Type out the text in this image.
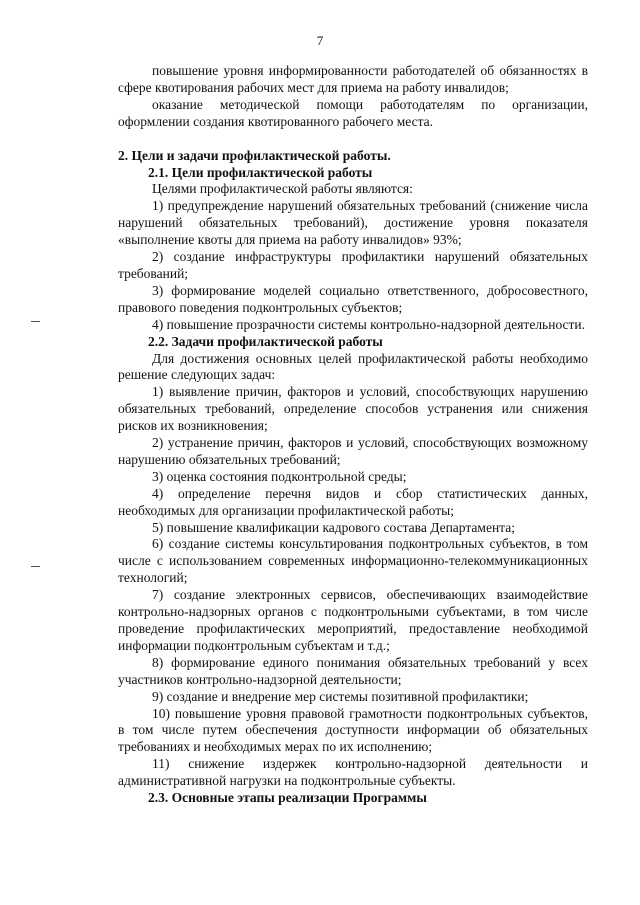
7

повышение уровня информированности работодателей об обязанностях в сфере квотирования рабочих мест для приема на работу инвалидов;

оказание методической помощи работодателям по организации, оформлении создания квотированного рабочего места.

2. Цели и задачи профилактической работы.

2.1. Цели профилактической работы

Целями профилактической работы являются:

1) предупреждение нарушений обязательных требований (снижение числа нарушений обязательных требований), достижение уровня показателя «выполнение квоты для приема на работу инвалидов» 93%;

2) создание инфраструктуры профилактики нарушений обязательных требований;

3) формирование моделей социально ответственного, добросовестного, правового поведения подконтрольных субъектов;

4) повышение прозрачности системы контрольно-надзорной деятельности.

2.2. Задачи профилактической работы

Для достижения основных целей профилактической работы необходимо решение следующих задач:

1) выявление причин, факторов и условий, способствующих нарушению обязательных требований, определение способов устранения или снижения рисков их возникновения;

2) устранение причин, факторов и условий, способствующих возможному нарушению обязательных требований;

3) оценка состояния подконтрольной среды;

4) определение перечня видов и сбор статистических данных, необходимых для организации профилактической работы;

5) повышение квалификации кадрового состава Департамента;

6) создание системы консультирования подконтрольных субъектов, в том числе с использованием современных информационно-телекоммуникационных технологий;

7) создание электронных сервисов, обеспечивающих взаимодействие контрольно-надзорных органов с подконтрольными субъектами, в том числе проведение профилактических мероприятий, предоставление необходимой информации подконтрольным субъектам и т.д.;

8) формирование единого понимания обязательных требований у всех участников контрольно-надзорной деятельности;

9) создание и внедрение мер системы позитивной профилактики;

10) повышение уровня правовой грамотности подконтрольных субъектов, в том числе путем обеспечения доступности информации об обязательных требованиях и необходимых мерах по их исполнению;

11) снижение издержек контрольно-надзорной деятельности и административной нагрузки на подконтрольные субъекты.

2.3. Основные этапы реализации Программы
